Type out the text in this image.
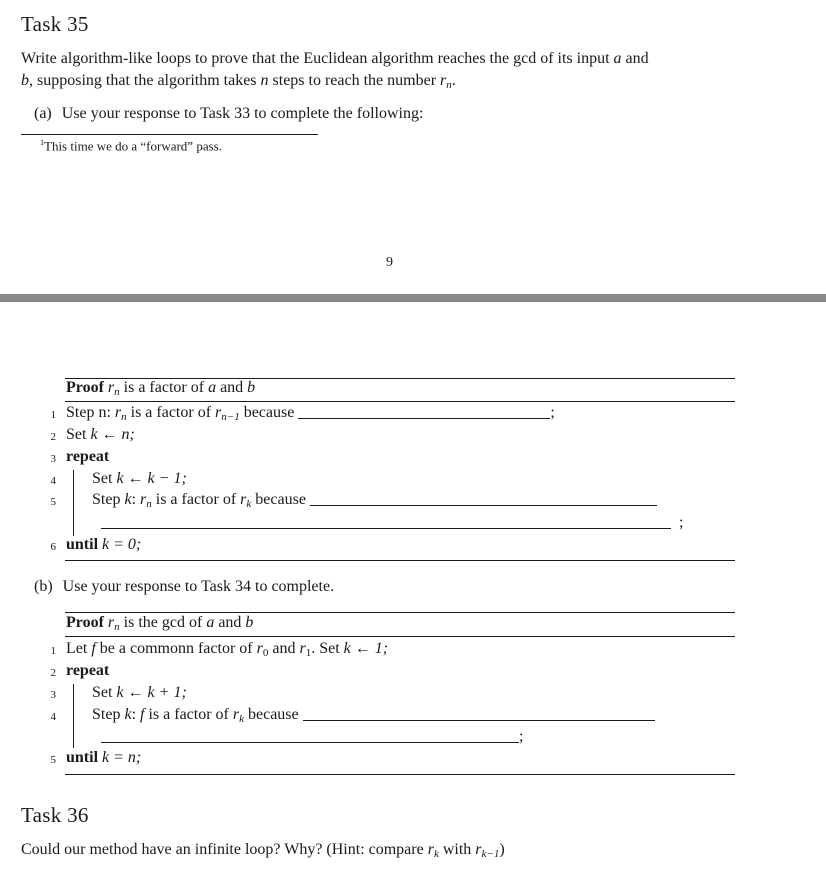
Task 35
Write algorithm-like loops to prove that the Euclidean algorithm reaches the gcd of its input a and
b, supposing that the algorithm takes n steps to reach the number $r_n$.
(a) Use your response to Task 33 to complete the following:
$^1$This time we do a “forward” pass.
9
Proof $r_n$ is a factor of a and b
1 Step n: $r_n$ is a factor of $r_{n-1}$ because	;
2 Set k ← n;
3 repeat
4 Set k ← k − 1;
5 Step k: $r_n$ is a factor of $r_k$ because
;
6 until k = 0;
(b) Use your response to Task 34 to complete.
Proof $r_n$ is the gcd of a and b
1 Let f be a commonn factor of $r_0$ and $r_1$. Set k ← 1;
2 repeat
3 Set k ← k + 1;
4 Step k: f is a factor of $r_k$ because
;
5 until k = n;
Task 36
Could our method have an infinite loop? Why? (Hint: compare $r_k$ with $r_{k-1}$)
